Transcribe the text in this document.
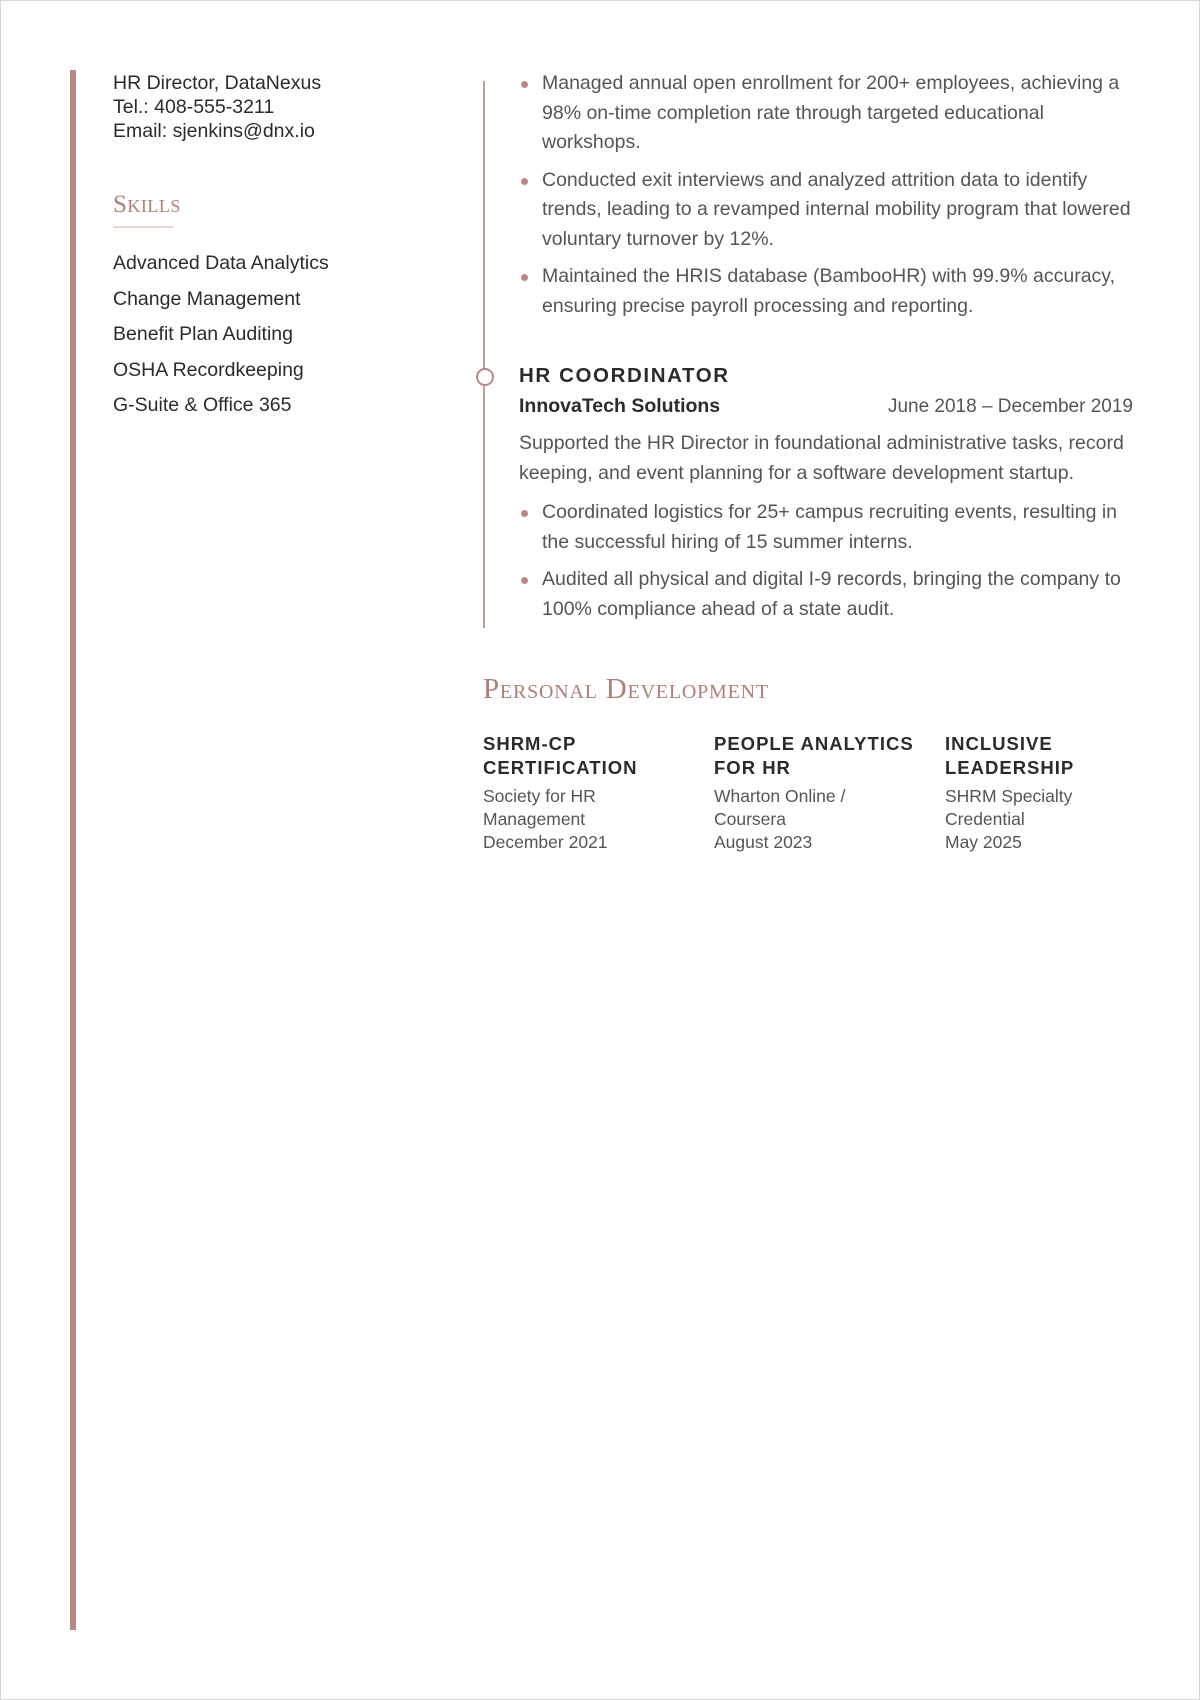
HR Director, DataNexus
Tel.: 408-555-3211
Email: sjenkins@dnx.io
Skills
Advanced Data Analytics
Change Management
Benefit Plan Auditing
OSHA Recordkeeping
G-Suite & Office 365
Managed annual open enrollment for 200+ employees, achieving a 98% on-time completion rate through targeted educational workshops.
Conducted exit interviews and analyzed attrition data to identify trends, leading to a revamped internal mobility program that lowered voluntary turnover by 12%.
Maintained the HRIS database (BambooHR) with 99.9% accuracy, ensuring precise payroll processing and reporting.
HR COORDINATOR
InnovaTech Solutions	June 2018 – December 2019

Supported the HR Director in foundational administrative tasks, record keeping, and event planning for a software development startup.

Coordinated logistics for 25+ campus recruiting events, resulting in the successful hiring of 15 summer interns.
Audited all physical and digital I-9 records, bringing the company to 100% compliance ahead of a state audit.
Personal Development
SHRM-CP
CERTIFICATION
Society for HR
Management
December 2021
PEOPLE ANALYTICS
FOR HR
Wharton Online /
Coursera
August 2023
INCLUSIVE
LEADERSHIP
SHRM Specialty
Credential
May 2025
